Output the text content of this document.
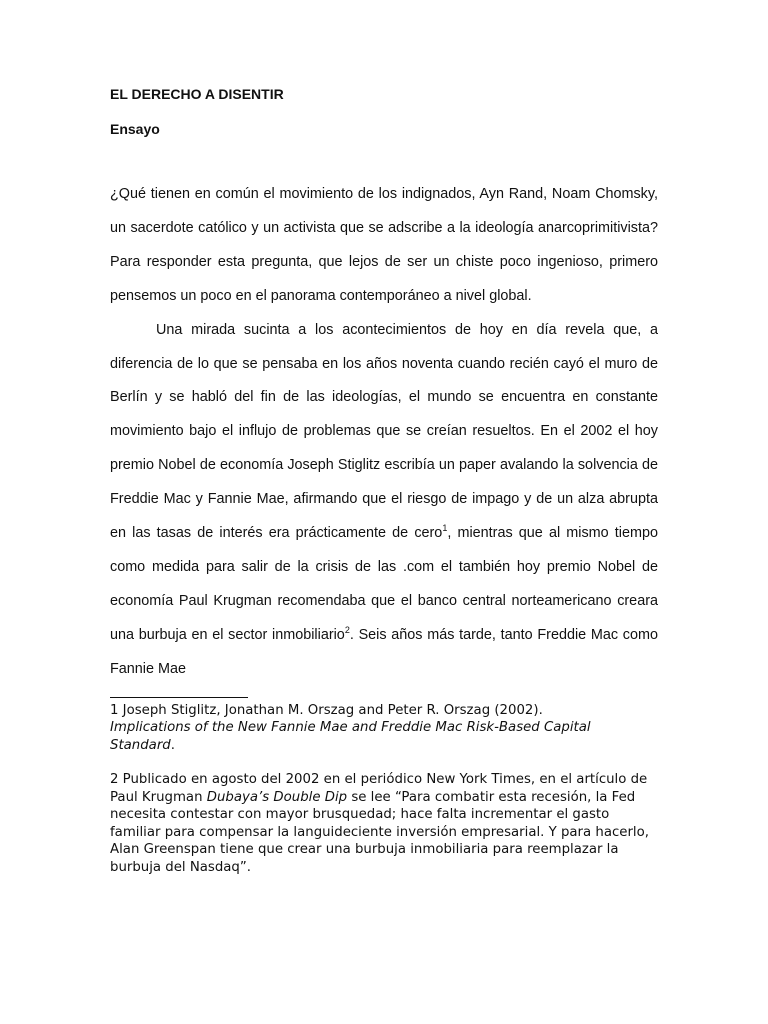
EL DERECHO A DISENTIR
Ensayo

¿Qué tienen en común el movimiento de los indignados, Ayn Rand, Noam Chomsky, un sacerdote católico y un activista que se adscribe a la ideología anarcoprimitivista? Para responder esta pregunta, que lejos de ser un chiste poco ingenioso, primero pensemos un poco en el panorama contemporáneo a nivel global.

Una mirada sucinta a los acontecimientos de hoy en día revela que, a diferencia de lo que se pensaba en los años noventa cuando recién cayó el muro de Berlín y se habló del fin de las ideologías, el mundo se encuentra en constante movimiento bajo el influjo de problemas que se creían resueltos. En el 2002 el hoy premio Nobel de economía Joseph Stiglitz escribía un paper avalando la solvencia de Freddie Mac y Fannie Mae, afirmando que el riesgo de impago y de un alza abrupta en las tasas de interés era prácticamente de cero$^1$, mientras que al mismo tiempo como medida para salir de la crisis de las .com el también hoy premio Nobel de economía Paul Krugman recomendaba que el banco central norteamericano creara una burbuja en el sector inmobiliario$^2$. Seis años más tarde, tanto Freddie Mac como Fannie Mae

1 Joseph Stiglitz, Jonathan M. Orszag and Peter R. Orszag (2002).
Implications of the New Fannie Mae and Freddie Mac Risk-Based Capital Standard.

2 Publicado en agosto del 2002 en el periódico New York Times, en el artículo de Paul Krugman Dubaya’s Double Dip se lee “Para combatir esta recesión, la Fed necesita contestar con mayor brusquedad; hace falta incrementar el gasto familiar para compensar la languideciente inversión empresarial. Y para hacerlo, Alan Greenspan tiene que crear una burbuja inmobiliaria para reemplazar la burbuja del Nasdaq”.
